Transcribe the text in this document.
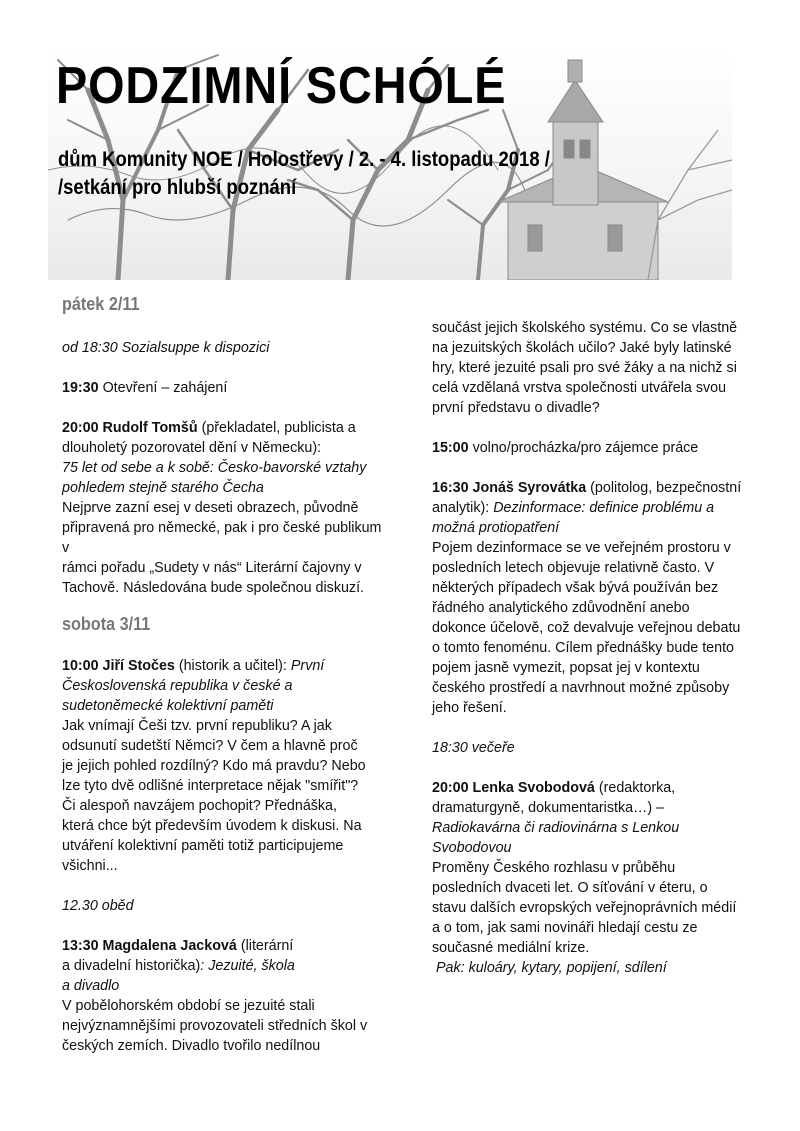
PODZIMNÍ SCHÓLÉ
dům Komunity NOE / Holostřevy / 2. - 4. listopadu 2018 /
/setkání pro hlubší poznání
pátek 2/11

od 18:30 Sozialsuppe k dispozici

19:30 Otevření – zahájení

20:00 Rudolf Tomšů (překladatel, publicista a

dlouholetý pozorovatel dění v Německu):

75 let od sebe a k sobě: Česko-bavorské vztahy

pohledem stejně starého Čecha

Nejprve zazní esej v deseti obrazech, původně

připravená pro německé, pak i pro české publikum v

rámci pořadu „Sudety v nás“ Literární čajovny v

Tachově. Následována bude společnou diskuzí.

sobota 3/11

10:00 Jiří Stočes (historik a učitel): První

Československá republika v české a

sudetoněmecké kolektivní paměti

Jak vnímají Češi tzv. první republiku? A jak

odsunutí sudetští Němci? V čem a hlavně proč

je jejich pohled rozdílný? Kdo má pravdu? Nebo

lze tyto dvě odlišné interpretace nějak "smířit"?

Či alespoň navzájem pochopit? Přednáška,

která chce být především úvodem k diskusi. Na

utváření kolektivní paměti totiž participujeme

všichni...

12.30 oběd

13:30 Magdalena Jacková (literární

a divadelní historička): Jezuité, škola

a divadlo

V pobělohorském období se jezuité stali

nejvýznamnějšími provozovateli středních škol v

českých zemích. Divadlo tvořilo nedílnou

součást jejich školského systému. Co se vlastně

na jezuitských školách učilo? Jaké byly latinské

hry, které jezuité psali pro své žáky a na nichž si

celá vzdělaná vrstva společnosti utvářela svou

první představu o divadle?

15:00 volno/procházka/pro zájemce práce

16:30 Jonáš Syrovátka (politolog, bezpečnostní

analytik): Dezinformace: definice problému a

možná protiopatření

Pojem dezinformace se ve veřejném prostoru v

posledních letech objevuje relativně často. V

některých případech však bývá používán bez

řádného analytického zdůvodnění anebo

dokonce účelově, což devalvuje veřejnou debatu

o tomto fenoménu. Cílem přednášky bude tento

pojem jasně vymezit, popsat jej v kontextu

českého prostředí a navrhnout možné způsoby

jeho řešení.

18:30 večeře

20:00 Lenka Svobodová (redaktorka,

dramaturgyně, dokumentaristka…) –

Radiokavárna či radiovinárna s Lenkou

Svobodovou

Proměny Českého rozhlasu v průběhu

posledních dvaceti let. O síťování v éteru, o

stavu dalších evropských veřejnoprávních médií

a o tom, jak sami novináři hledají cestu ze

současné mediální krize.

Pak: kuloáry, kytary, popijení, sdílení
